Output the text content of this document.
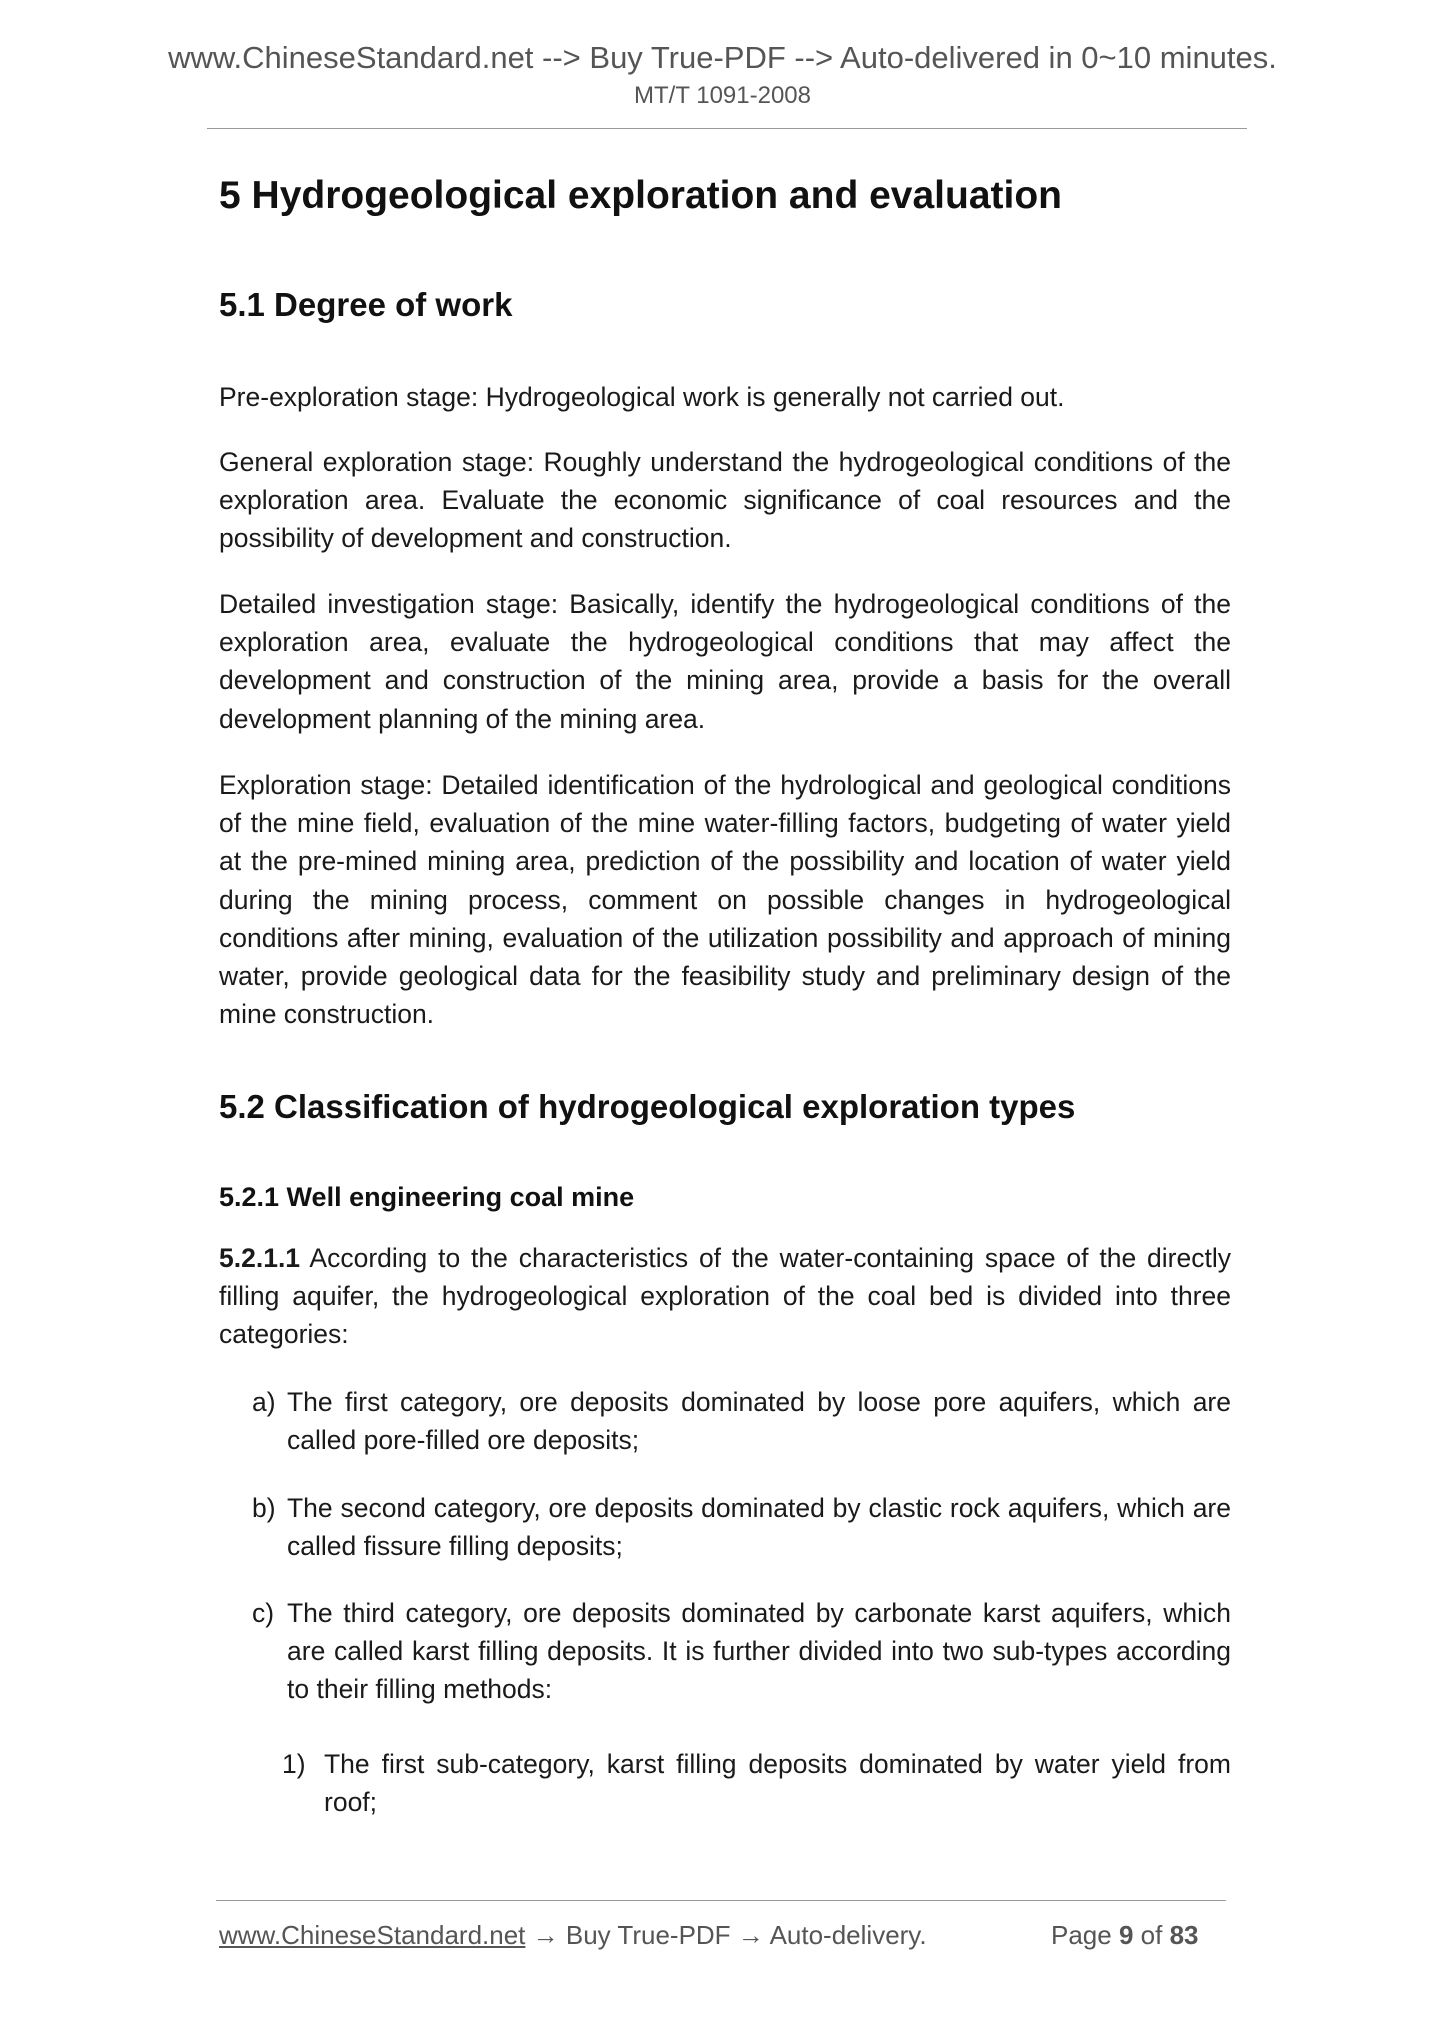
www.ChineseStandard.net --> Buy True-PDF --> Auto-delivered in 0~10 minutes.
MT/T 1091-2008
5 Hydrogeological exploration and evaluation
5.1 Degree of work
Pre-exploration stage: Hydrogeological work is generally not carried out.
General exploration stage: Roughly understand the hydrogeological conditions of the exploration area. Evaluate the economic significance of coal resources and the possibility of development and construction.
Detailed investigation stage: Basically, identify the hydrogeological conditions of the exploration area, evaluate the hydrogeological conditions that may affect the development and construction of the mining area, provide a basis for the overall development planning of the mining area.
Exploration stage: Detailed identification of the hydrological and geological conditions of the mine field, evaluation of the mine water-filling factors, budgeting of water yield at the pre-mined mining area, prediction of the possibility and location of water yield during the mining process, comment on possible changes in hydrogeological conditions after mining, evaluation of the utilization possibility and approach of mining water, provide geological data for the feasibility study and preliminary design of the mine construction.
5.2 Classification of hydrogeological exploration types
5.2.1 Well engineering coal mine
5.2.1.1 According to the characteristics of the water-containing space of the directly filling aquifer, the hydrogeological exploration of the coal bed is divided into three categories:
a) The first category, ore deposits dominated by loose pore aquifers, which are called pore-filled ore deposits;
b) The second category, ore deposits dominated by clastic rock aquifers, which are called fissure filling deposits;
c) The third category, ore deposits dominated by carbonate karst aquifers, which are called karst filling deposits. It is further divided into two sub-types according to their filling methods:
1) The first sub-category, karst filling deposits dominated by water yield from roof;
www.ChineseStandard.net → Buy True-PDF → Auto-delivery.	Page 9 of 83
